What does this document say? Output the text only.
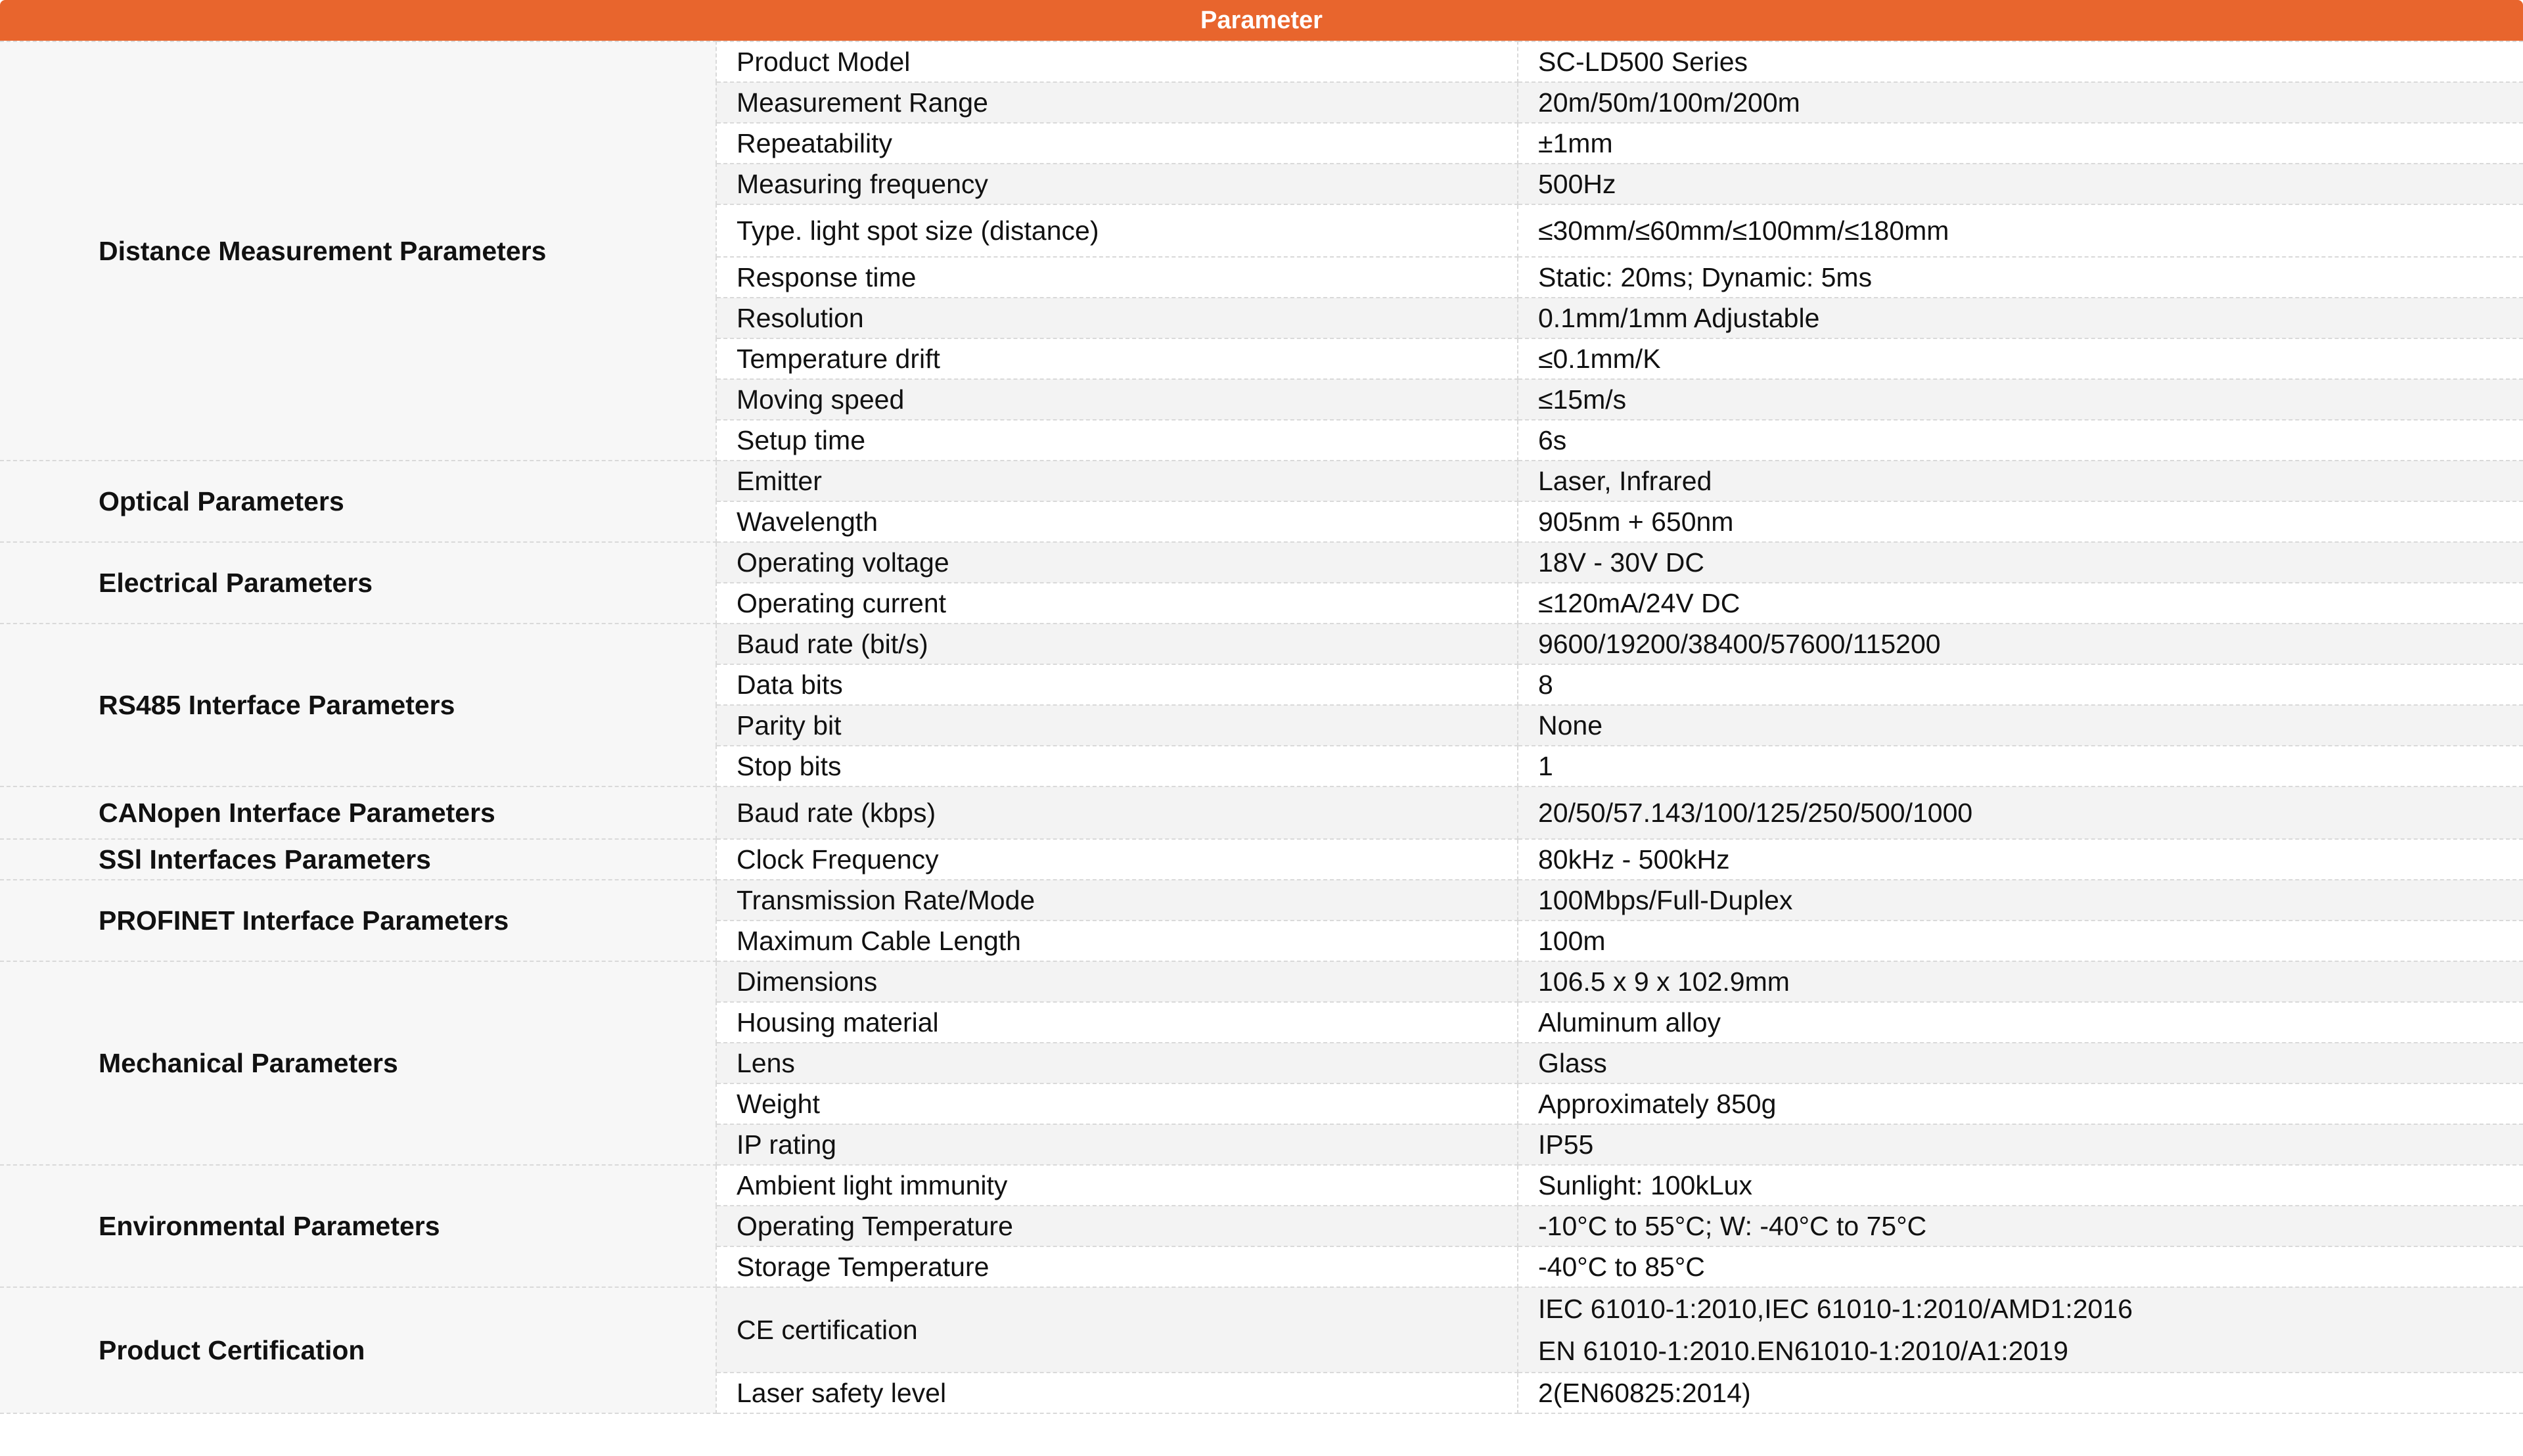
Parameter
Distance Measurement Parameters	Product Model	SC-LD500 Series
	Measurement Range	20m/50m/100m/200m
	Repeatability	±1mm
	Measuring frequency	500Hz
	Type. light spot size (distance)	≤30mm/≤60mm/≤100mm/≤180mm
	Response time	Static: 20ms; Dynamic: 5ms
	Resolution	0.1mm/1mm Adjustable
	Temperature drift	≤0.1mm/K
	Moving speed	≤15m/s
	Setup time	6s
Optical Parameters	Emitter	Laser, Infrared
	Wavelength	905nm + 650nm
Electrical Parameters	Operating voltage	18V - 30V DC
	Operating current	≤120mA/24V DC
RS485 Interface Parameters	Baud rate (bit/s)	9600/19200/38400/57600/115200
	Data bits	8
	Parity bit	None
	Stop bits	1
CANopen Interface Parameters	Baud rate (kbps)	20/50/57.143/100/125/250/500/1000
SSl Interfaces Parameters	Clock Frequency	80kHz - 500kHz
PROFINET Interface Parameters	Transmission Rate/Mode	100Mbps/Full-Duplex
	Maximum Cable Length	100m
Mechanical Parameters	Dimensions	106.5 x 9 x 102.9mm
	Housing material	Aluminum alloy
	Lens	Glass
	Weight	Approximately 850g
	IP rating	IP55
Environmental Parameters	Ambient light immunity	Sunlight: 100kLux
	Operating Temperature	-10°C to 55°C; W: -40°C to 75°C
	Storage Temperature	-40°C to 85°C
Product Certification	CE certification	IEC 61010-1:2010,IEC 61010-1:2010/AMD1:2016
EN 61010-1:2010.EN61010-1:2010/A1:2019

	Laser safety level	2(EN60825:2014)
